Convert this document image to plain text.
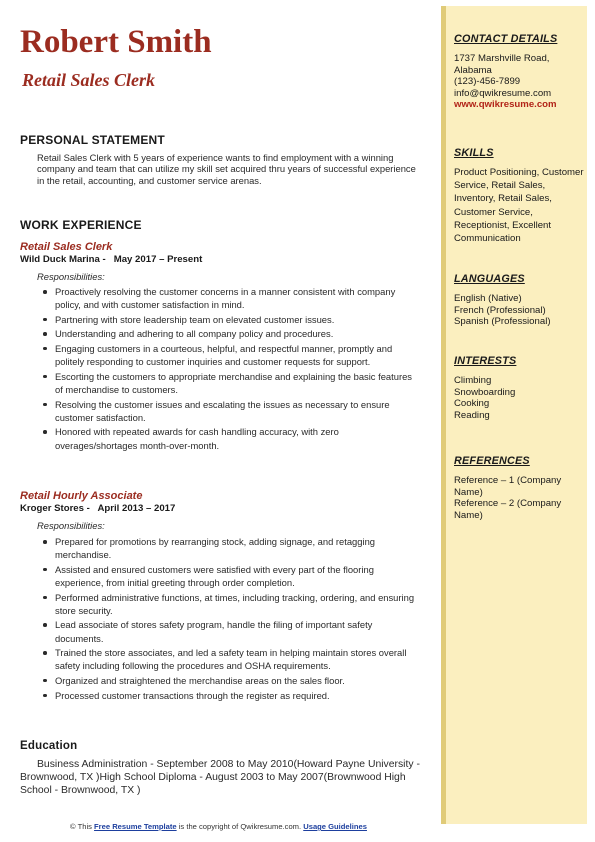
Robert Smith
Retail Sales Clerk
PERSONAL STATEMENT

Retail Sales Clerk with 5 years of experience wants to find employment with a winning company and team that can utilize my skill set acquired thru years of successful experience in the retail, accounting, and customer service arenas.

WORK EXPERIENCE
Retail Sales Clerk
Wild Duck Marina -   May 2017 – Present
Responsibilities:
Proactively resolving the customer concerns in a manner consistent with company policy, and with customer satisfaction in mind.
Partnering with store leadership team on elevated customer issues.
Understanding and adhering to all company policy and procedures.
Engaging customers in a courteous, helpful, and respectful manner, promptly and politely responding to customer inquiries and customer requests for support.
Escorting the customers to appropriate merchandise and explaining the basic features of merchandise to customers.
Resolving the customer issues and escalating the issues as necessary to ensure customer satisfaction.
Honored with repeated awards for cash handling accuracy, with zero overages/shortages month-over-month.
Retail Hourly Associate
Kroger Stores -   April 2013 – 2017
Responsibilities:
Prepared for promotions by rearranging stock, adding signage, and retagging merchandise.
Assisted and ensured customers were satisfied with every part of the flooring experience, from initial greeting through order completion.
Performed administrative functions, at times, including tracking, ordering, and ensuring store security.
Lead associate of stores safety program, handle the filing of important safety documents.
Trained the store associates, and led a safety team in helping maintain stores overall safety including following the procedures and OSHA requirements.
Organized and straightened the merchandise areas on the sales floor.
Processed customer transactions through the register as required.
Education

Business Administration - September 2008 to May 2010(Howard Payne University - Brownwood, TX )High School Diploma - August 2003 to May 2007(Brownwood High School - Brownwood, TX )

© This Free Resume Template is the copyright of Qwikresume.com. Usage Guidelines
CONTACT DETAILS
1737 Marshville Road,
Alabama
(123)-456-7899
info@qwikresume.com
www.qwikresume.com
SKILLS

Product Positioning, Customer Service, Retail Sales, Inventory, Retail Sales, Customer Service, Receptionist, Excellent Communication

LANGUAGES
English (Native)
French (Professional)
Spanish (Professional)
INTERESTS
Climbing
Snowboarding
Cooking
Reading
REFERENCES

Reference – 1 (Company Name)

Reference – 2 (Company Name)
